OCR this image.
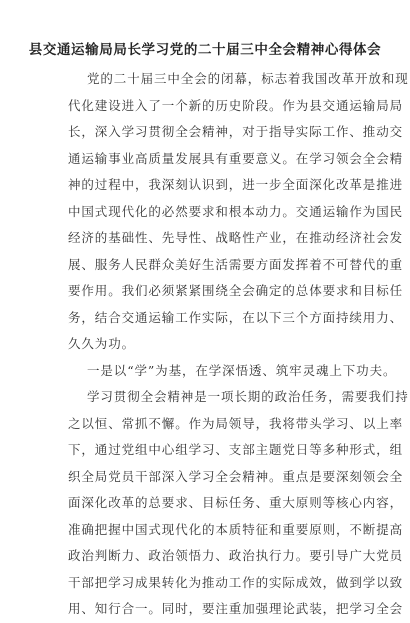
县交通运输局局长学习党的二十届三中全会精神心得体会
党的二十届三中全会的闭幕，标志着我国改革开放和现
代化建设进入了一个新的历史阶段。作为县交通运输局局
长，深入学习贯彻全会精神，对于指导实际工作、推动交
通运输事业高质量发展具有重要意义。在学习领会全会精
神的过程中，我深刻认识到，进一步全面深化改革是推进
中国式现代化的必然要求和根本动力。交通运输作为国民
经济的基础性、先导性、战略性产业，在推动经济社会发
展、服务人民群众美好生活需要方面发挥着不可替代的重
要作用。我们必须紧紧围绕全会确定的总体要求和目标任
务，结合交通运输工作实际，在以下三个方面持续用力、
久久为功。
一是以“学”为基，在学深悟透、筑牢灵魂上下功夫。
学习贯彻全会精神是一项长期的政治任务，需要我们持
之以恒、常抓不懈。作为局领导，我将带头学习、以上率
下，通过党组中心组学习、支部主题党日等多种形式，组
织全局党员干部深入学习全会精神。重点是要深刻领会全
面深化改革的总要求、目标任务、重大原则等核心内容，
准确把握中国式现代化的本质特征和重要原则，不断提高
政治判断力、政治领悟力、政治执行力。要引导广大党员
干部把学习成果转化为推动工作的实际成效，做到学以致
用、知行合一。同时，要注重加强理论武装，把学习全会
